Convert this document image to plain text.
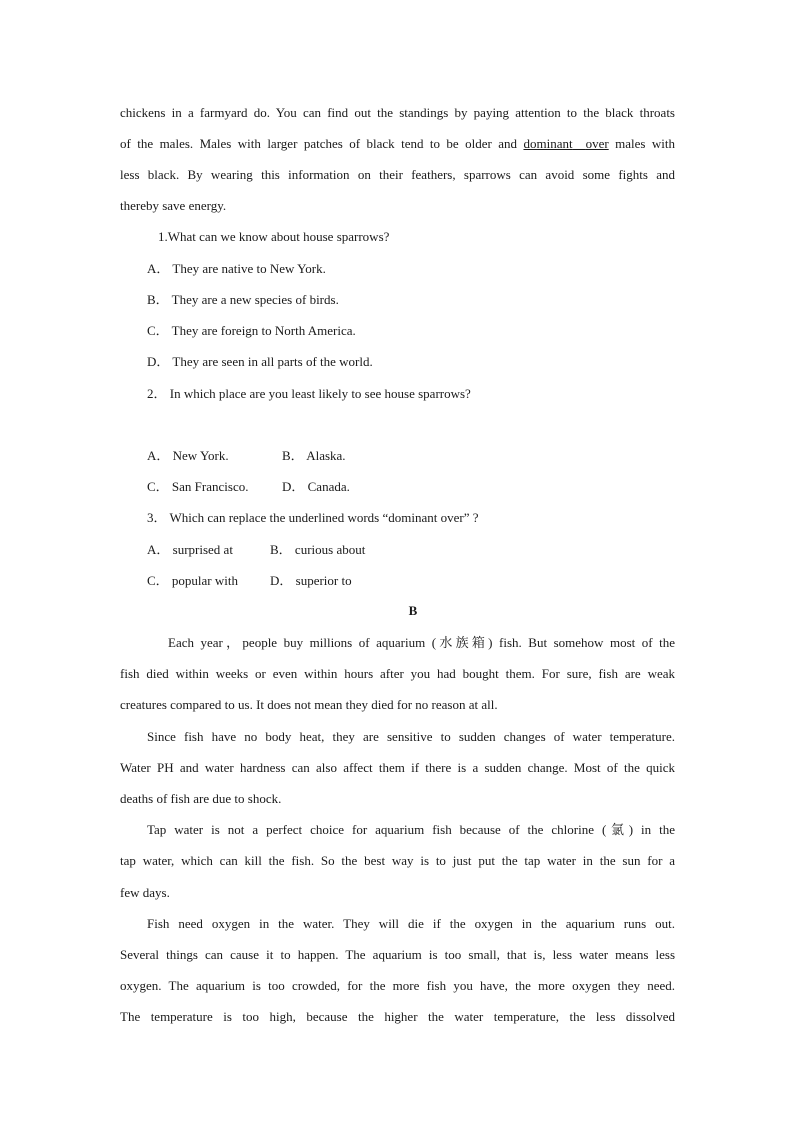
chickens in a farmyard do. You can find out the standings by paying attention to the black throats
of the males. Males with larger patches of black tend to be older and dominant   over males with
less black. By wearing this information on their feathers, sparrows can avoid some fights and
thereby save energy.
1.What can we know about house sparrows?
A． They are native to New York.
B． They are a new species of birds.
C． They are foreign to North America.
D． They are seen in all parts of the world.
2． In which place are you least likely to see house sparrows?
A． New York.	B． Alaska.
C． San Francisco.	D． Canada.
3． Which can replace the underlined words “dominant over” ?
A． surprised at	B． curious about
C． popular with D． superior to
B
Each year，people buy millions of aquarium (水族箱) fish. But somehow most of the
fish died within weeks or even within hours after you had bought them. For sure, fish are weak
creatures compared to us. It does not mean they died for no reason at all.
Since fish have no body heat, they are sensitive to sudden changes of water temperature.
Water PH and water hardness can also affect them if there is a sudden change. Most of the quick
deaths of fish are due to shock.
Tap water is not a perfect choice for aquarium fish because of the chlorine (氯) in the
tap water, which can kill the fish. So the best way is to just put the tap water in the sun for a
few days.
Fish need oxygen in the water. They will die if the oxygen in the aquarium runs out.
Several things can cause it to happen. The aquarium is too small, that is, less water means less
oxygen. The aquarium is too crowded, for the more fish you have, the more oxygen they need.
The temperature is too high, because the higher the water temperature, the less dissolved
